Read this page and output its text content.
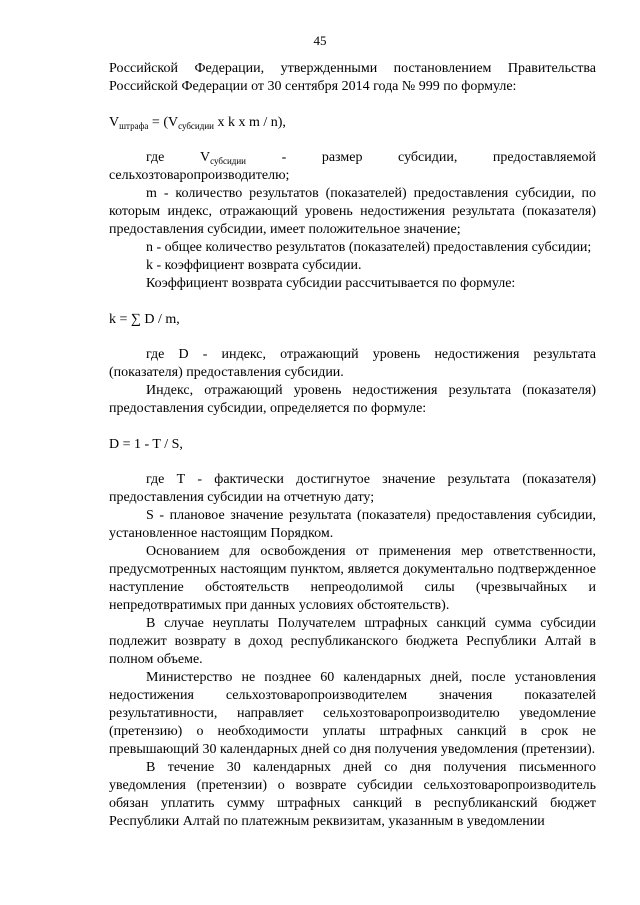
45

Российской Федерации, утвержденными постановлением Правительства Российской Федерации от 30 сентября 2014 года № 999 по формуле:

$V_{штрафа} = (V_{субсидии}$ x k x m / n),

где	$V_{субсидии}$	-	размер	субсидии,	предоставляемой

сельхозтоваропроизводителю;

m - количество результатов (показателей) предоставления субсидии, по которым индекс, отражающий уровень недостижения результата (показателя) предоставления субсидии, имеет положительное значение;

n - общее количество результатов (показателей) предоставления субсидии;

k - коэффициент возврата субсидии.

Коэффициент возврата субсидии рассчитывается по формуле:

k = ∑ D / m,

где D - индекс, отражающий уровень недостижения результата (показателя) предоставления субсидии.

Индекс, отражающий уровень недостижения результата (показателя) предоставления субсидии, определяется по формуле:

D = 1 - T / S,

где Т - фактически достигнутое значение результата (показателя) предоставления субсидии на отчетную дату;

S - плановое значение результата (показателя) предоставления субсидии, установленное настоящим Порядком.

Основанием для освобождения от применения мер ответственности, предусмотренных настоящим пунктом, является документально подтвержденное наступление обстоятельств непреодолимой силы (чрезвычайных и непредотвратимых при данных условиях обстоятельств).

В случае неуплаты Получателем штрафных санкций сумма субсидии подлежит возврату в доход республиканского бюджета Республики Алтай в полном объеме.

Министерство не позднее 60 календарных дней, после установления недостижения сельхозтоваропроизводителем значения показателей результативности, направляет сельхозтоваропроизводителю уведомление (претензию) о необходимости уплаты штрафных санкций в срок не превышающий 30 календарных дней со дня получения уведомления (претензии).

В течение 30 календарных дней со дня получения письменного уведомления (претензии) о возврате субсидии сельхозтоваропроизводитель обязан уплатить сумму штрафных санкций в республиканский бюджет Республики Алтай по платежным реквизитам, указанным в уведомлении
